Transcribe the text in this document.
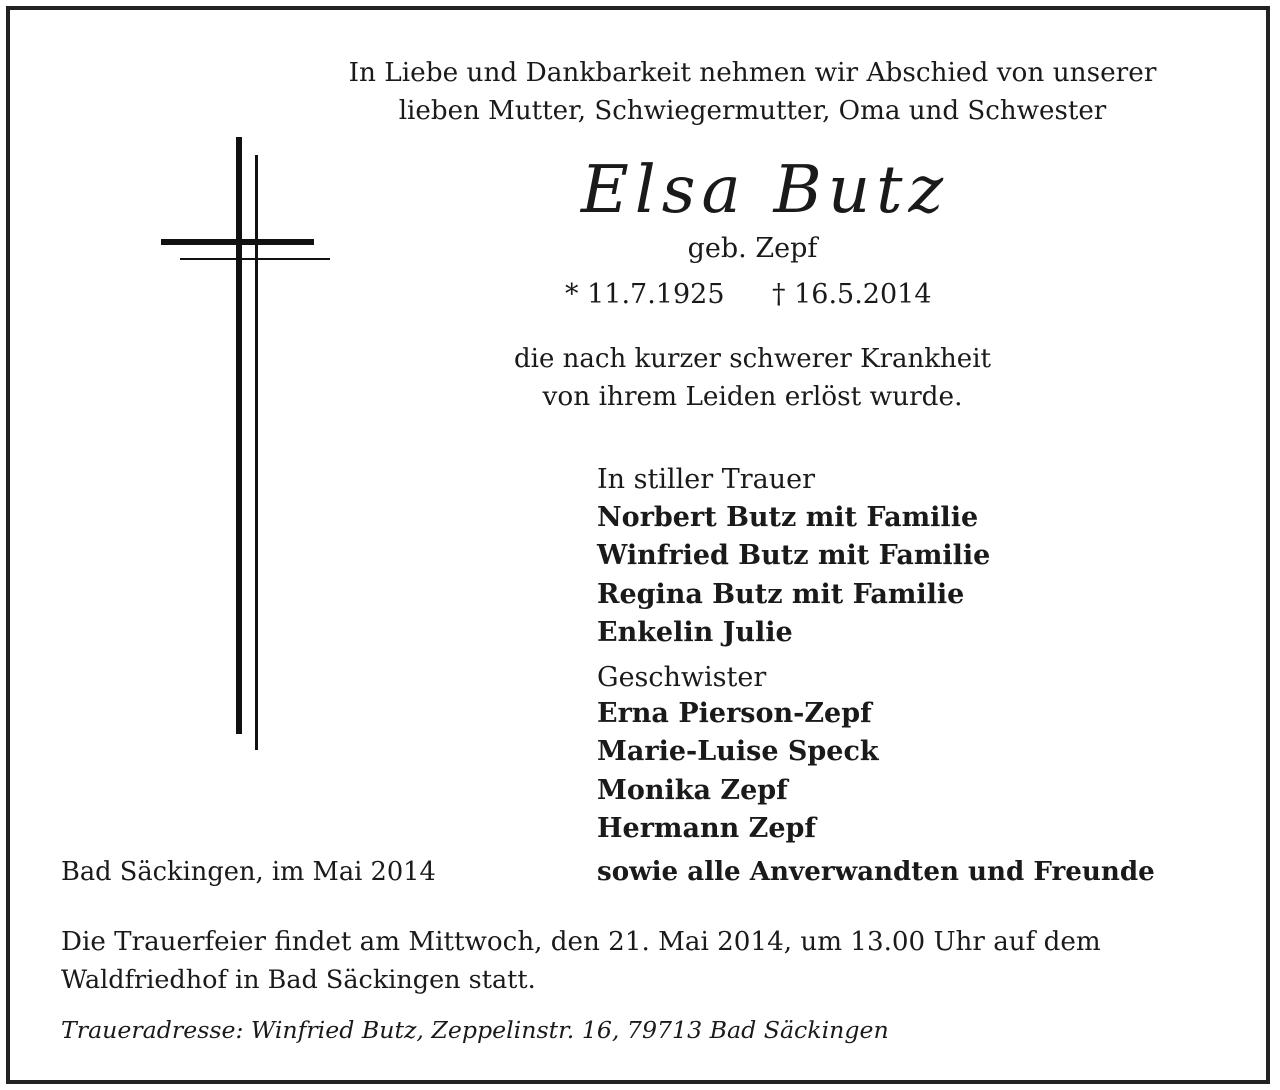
In Liebe und Dankbarkeit nehmen wir Abschied von unserer
lieben Mutter, Schwiegermutter, Oma und Schwester
Elsa Butz
geb. Zepf
* 11.7.1925 † 16.5.2014
die nach kurzer schwerer Krankheit
von ihrem Leiden erlöst wurde.
In stiller Trauer
Norbert Butz mit Familie
Winfried Butz mit Familie
Regina Butz mit Familie
Enkelin Julie
Geschwister
Erna Pierson-Zepf
Marie-Luise Speck
Monika Zepf
Hermann Zepf
Bad Säckingen, im Mai 2014	sowie alle Anverwandten und Freunde
Die Trauerfeier findet am Mittwoch, den 21. Mai 2014, um 13.00 Uhr auf dem
Waldfriedhof in Bad Säckingen statt.
Traueradresse: Winfried Butz, Zeppelinstr. 16, 79713 Bad Säckingen
